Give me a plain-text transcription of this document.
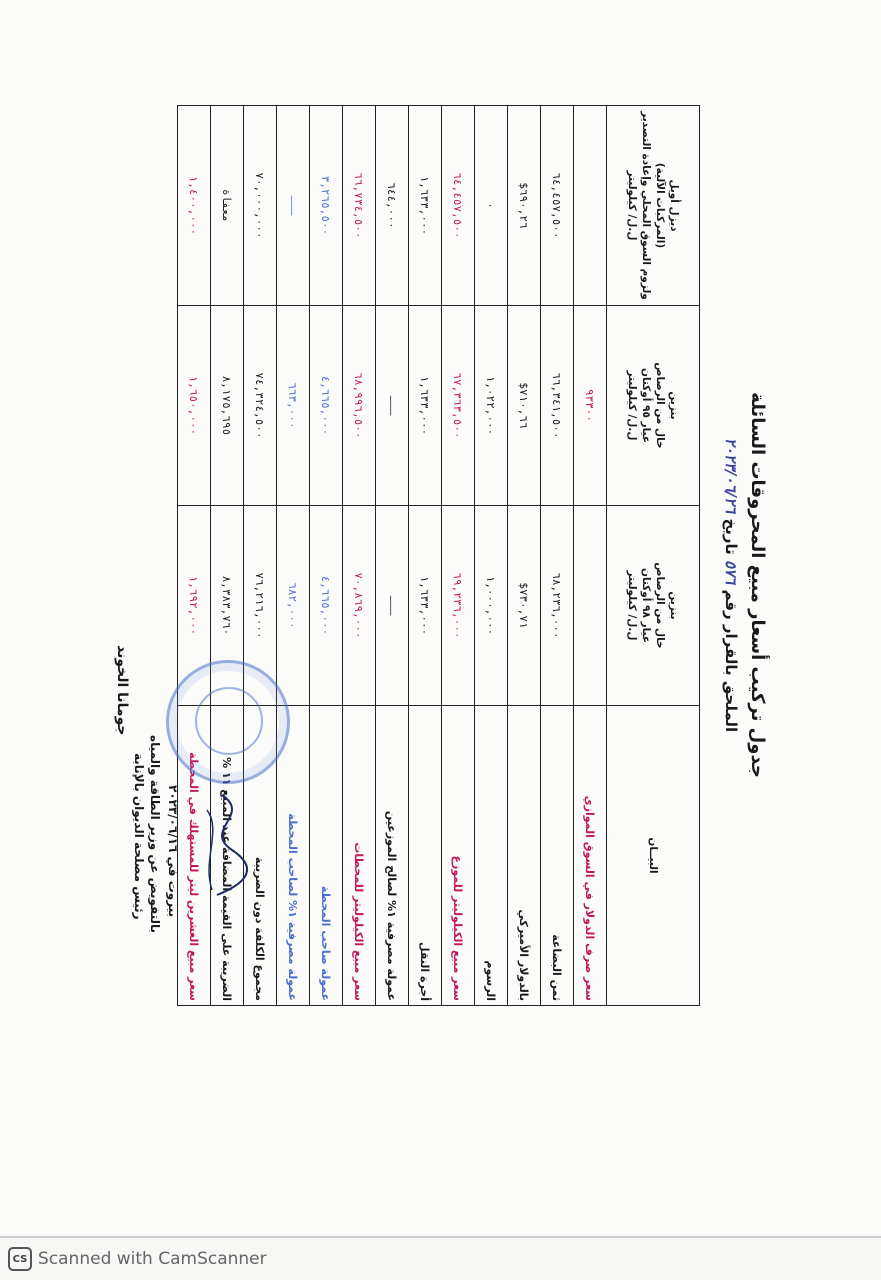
جدول تركيب أسعار مبيع المحروقات السائلة
الملحق بالقرار رقم ٥٧٦ تاريخ ٢٠٢٣/٠٦/٢٦
البيــان	بنزين
خال من الرصاص
عيار ٩٨ أوكتان
ل.ل/ كيلوليتر	بنزين
خال من الرصاص
عيار ٩٥ أوكتان
ل.ل/ كيلوليتر	ديزل أويل
(المركبات الآلية)
ولزوم السوق المحلي وإعادة التصدير
ل.ل/ كيلوليتر
سعر صرف الدولار في السوق الموازي		٩٣٣٠٠	
ثمن البضاعة	٦٨,٢٣٦,٠٠٠	٦٦,٣٤١,٥٠٠	٦٤,٤٥٧,٥٠٠
بالدولار الأميركي	٧٣٠,٧١$	٧١٠,٦٦$	٦٩٠,٢٦$
الرسوم	١,٠٠٠,٠٠٠	١,٠٢٢,٠٠٠	٠
سعر مبيع الكيلوليتر للموزع	٦٩,٢٣٦,٠٠٠	٦٧,٣٦٣,٥٠٠	٦٤,٤٥٧,٥٠٠
أجرة النقل	١,٦٣٣,٠٠٠	١,٦٣٣,٠٠٠	١,٦٣٣,٠٠٠
عمولة مصرفية ١% لصالح الموزعين	———	———	٦٤٤,٠٠٠
سعر مبيع الكيلوليتر للمحطات	٧٠,٨٦٩,٠٠٠	٦٨,٩٩٦,٥٠٠	٦٦,٧٣٤,٥٠٠
عمولة صاحب المحطة	٤,٦٦٥,٠٠٠	٤,٦٦٥,٠٠٠	٣,٢٦٥,٥٠٠
عمولة مصرفية ١% لصاحب المحطة	٦٨٢,٠٠٠	٦٦٣,٠٠٠	———
مجموع الكلفة دون الضريبة	٧٦,٢١٦,٠٠٠	٧٤,٣٢٤,٥٠٠	٧٠,٠٠٠,٠٠٠
الضريبة على القيمة المضافة عند المبيع ١١ %	٨,٣٨٣,٧٦٠	٨,١٧٥,٦٩٥	معفاة
سعر مبيع العشرين ليتر للمستهلك في المحطة	١,٦٩٢,٠٠٠	١,٦٥٠,٠٠٠	١,٤٠٠,٠٠٠
بيروت في ٢٠٢٣/٠٦/١٦
بالتفويض عن وزير الطاقة والمياه
رئيس مصلحة الديوان بالإنابة
جومانا الخوند
CS Scanned with CamScanner
